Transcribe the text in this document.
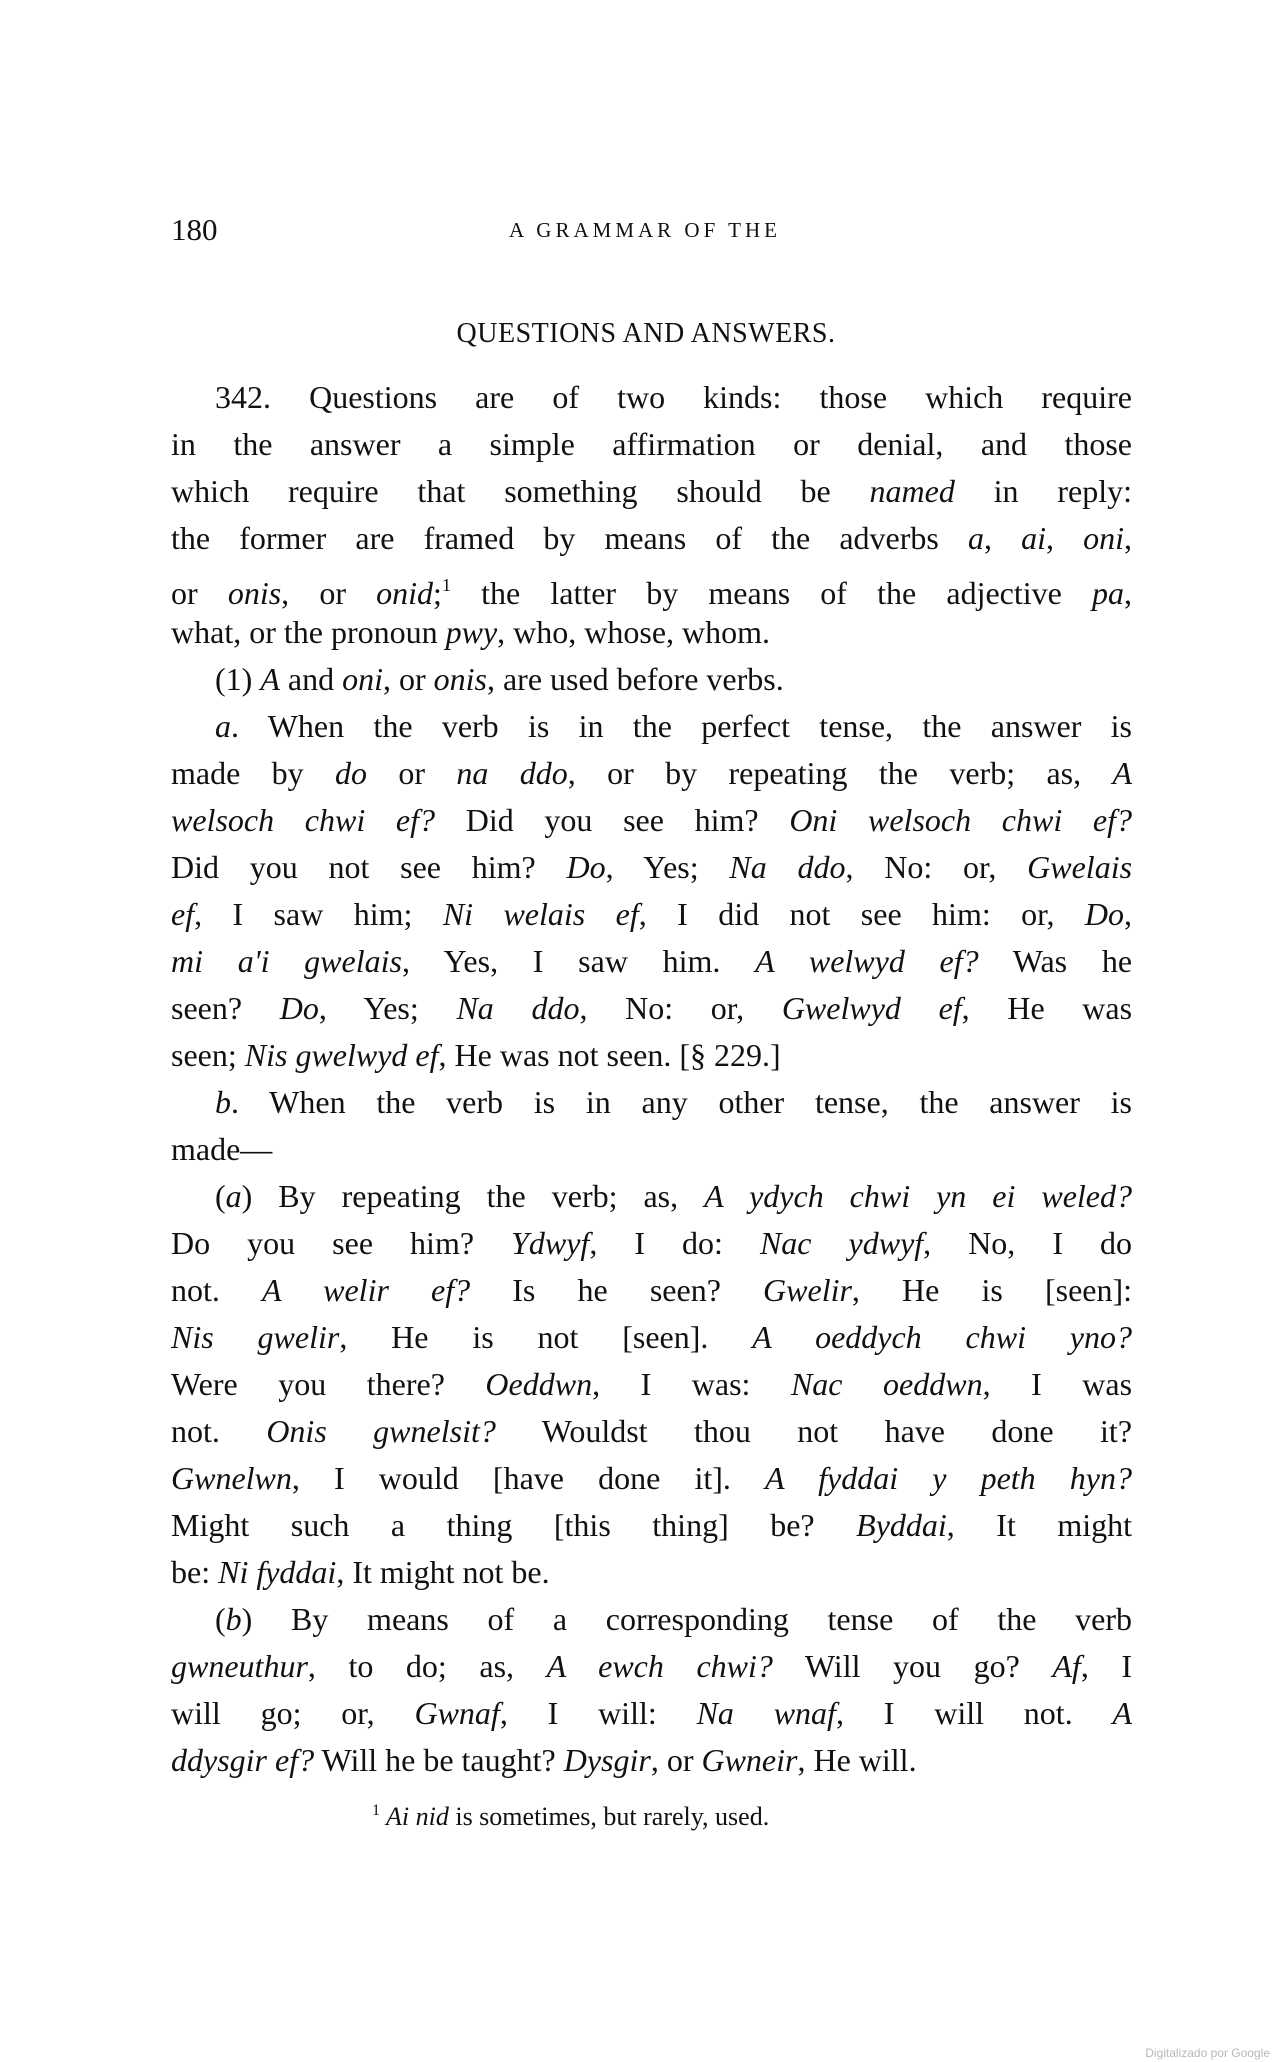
180	A GRAMMAR OF THE
QUESTIONS AND ANSWERS.
342. Questions are of two kinds: those which require
in the answer a simple affirmation or denial, and those
which require that something should be named in reply:
the former are framed by means of the adverbs a, ai, oni,
or onis, or onid;$^1$ the latter by means of the adjective pa,
what, or the pronoun pwy, who, whose, whom.
(1) A and oni, or onis, are used before verbs.
a. When the verb is in the perfect tense, the answer is
made by do or na ddo, or by repeating the verb; as, A
welsoch chwi ef? Did you see him? Oni welsoch chwi ef?
Did you not see him? Do, Yes; Na ddo, No: or, Gwelais
ef, I saw him; Ni welais ef, I did not see him: or, Do,
mi a'i gwelais, Yes, I saw him. A welwyd ef? Was he
seen? Do, Yes; Na ddo, No: or, Gwelwyd ef, He was
seen; Nis gwelwyd ef, He was not seen. [§ 229.]
b. When the verb is in any other tense, the answer is
made—
(a) By repeating the verb; as, A ydych chwi yn ei weled?
Do you see him? Ydwyf, I do: Nac ydwyf, No, I do
not. A welir ef? Is he seen? Gwelir, He is [seen]:
Nis gwelir, He is not [seen]. A oeddych chwi yno?
Were you there? Oeddwn, I was: Nac oeddwn, I was
not. Onis gwnelsit? Wouldst thou not have done it?
Gwnelwn, I would [have done it]. A fyddai y peth hyn?
Might such a thing [this thing] be? Byddai, It might
be: Ni fyddai, It might not be.
(b) By means of a corresponding tense of the verb
gwneuthur, to do; as, A ewch chwi? Will you go? Af, I
will go; or, Gwnaf, I will: Na wnaf, I will not. A
ddysgir ef? Will he be taught? Dysgir, or Gwneir, He will.
$^1$ Ai nid is sometimes, but rarely, used.
Digitalizado por Google
